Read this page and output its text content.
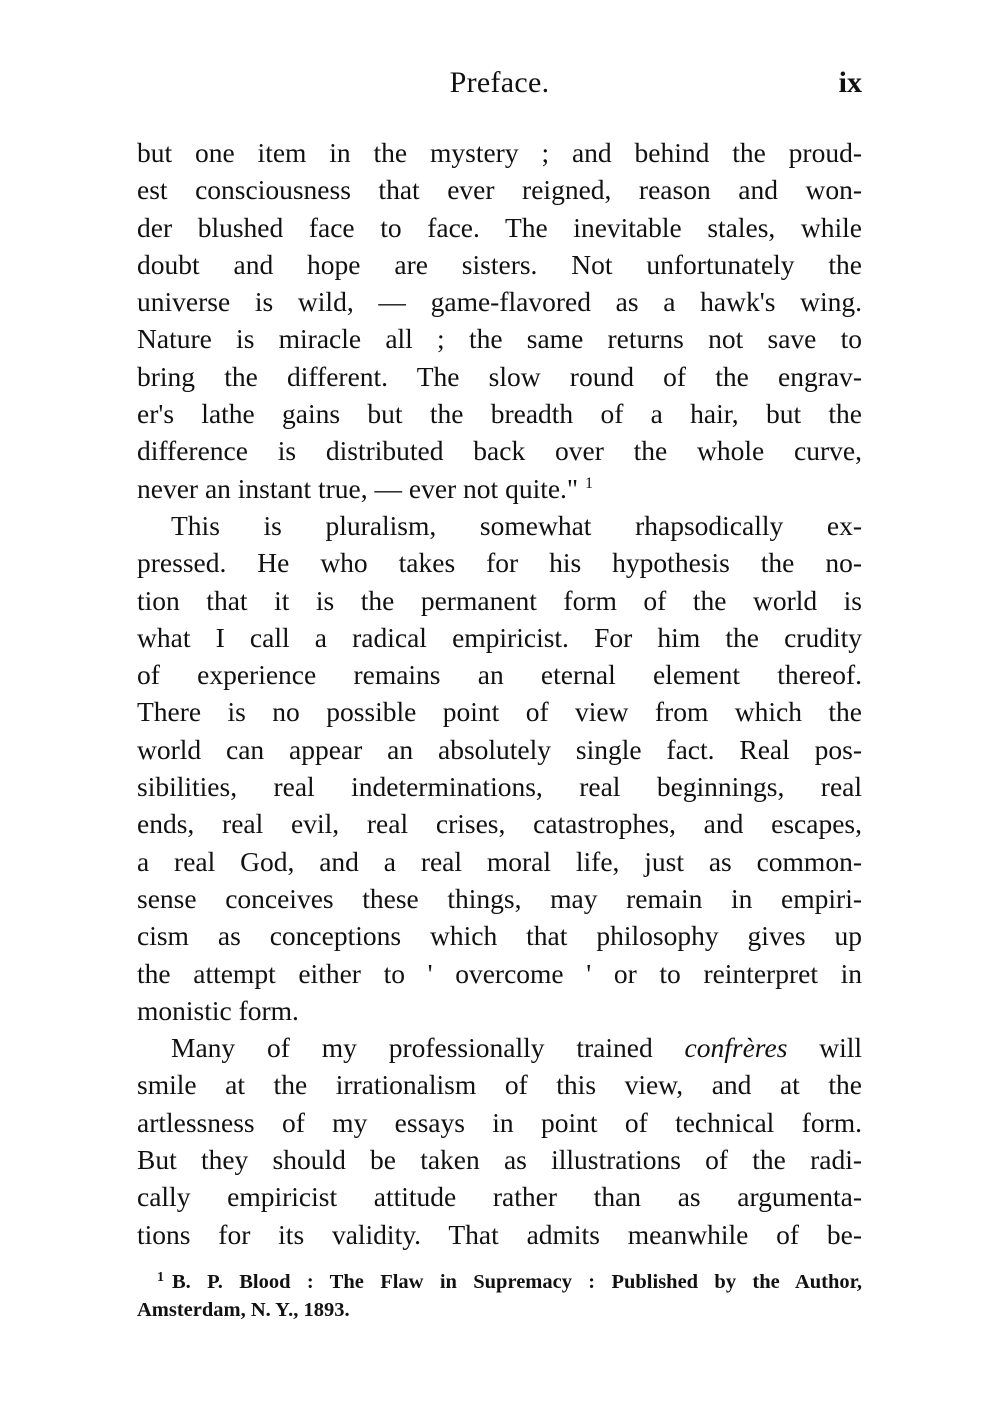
Preface.	ix
but one item in the mystery ; and behind the proud-
est consciousness that ever reigned, reason and won-
der blushed face to face. The inevitable stales, while
doubt and hope are sisters. Not unfortunately the
universe is wild, — game-flavored as a hawk's wing.
Nature is miracle all ; the same returns not save to
bring the different. The slow round of the engrav-
er's lathe gains but the breadth of a hair, but the
difference is distributed back over the whole curve,
never an instant true, — ever not quite." $^1$
This is pluralism, somewhat rhapsodically ex-
pressed. He who takes for his hypothesis the no-
tion that it is the permanent form of the world is
what I call a radical empiricist. For him the crudity
of experience remains an eternal element thereof.
There is no possible point of view from which the
world can appear an absolutely single fact. Real pos-
sibilities, real indeterminations, real beginnings, real
ends, real evil, real crises, catastrophes, and escapes,
a real God, and a real moral life, just as common-
sense conceives these things, may remain in empiri-
cism as conceptions which that philosophy gives up
the attempt either to ' overcome ' or to reinterpret in
monistic form.
Many of my professionally trained confrères will
smile at the irrationalism of this view, and at the
artlessness of my essays in point of technical form.
But they should be taken as illustrations of the radi-
cally empiricist attitude rather than as argumenta-
tions for its validity. That admits meanwhile of be-
$^1$ B. P. Blood : The Flaw in Supremacy : Published by the Author,
Amsterdam, N. Y., 1893.
